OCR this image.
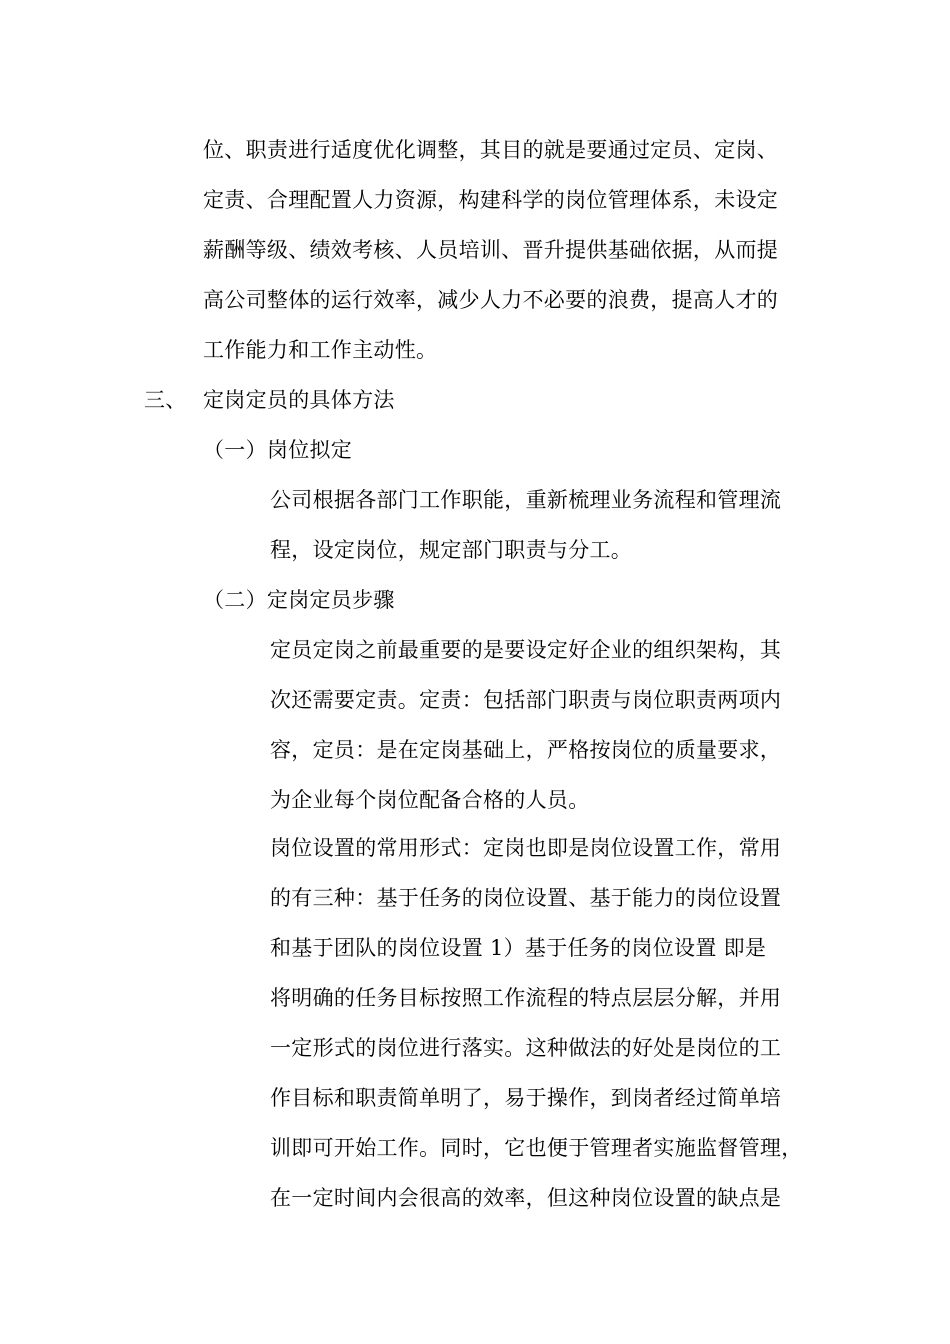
位、职责进行适度优化调整，其目的就是要通过定员、定岗、
定责、合理配置人力资源，构建科学的岗位管理体系，未设定
薪酬等级、绩效考核、人员培训、晋升提供基础依据，从而提
高公司整体的运行效率，减少人力不必要的浪费，提高人才的
工作能力和工作主动性。
三、 定岗定员的具体方法
（一）岗位拟定
公司根据各部门工作职能，重新梳理业务流程和管理流
程，设定岗位，规定部门职责与分工。
（二）定岗定员步骤
定员定岗之前最重要的是要设定好企业的组织架构，其
次还需要定责。定责：包括部门职责与岗位职责两项内
容，定员：是在定岗基础上，严格按岗位的质量要求，
为企业每个岗位配备合格的人员。
岗位设置的常用形式：定岗也即是岗位设置工作，常用
的有三种：基于任务的岗位设置、基于能力的岗位设置
和基于团队的岗位设置 1）基于任务的岗位设置 即是
将明确的任务目标按照工作流程的特点层层分解，并用
一定形式的岗位进行落实。这种做法的好处是岗位的工
作目标和职责简单明了，易于操作，到岗者经过简单培
训即可开始工作。同时，它也便于管理者实施监督管理，
在一定时间内会很高的效率，但这种岗位设置的缺点是
